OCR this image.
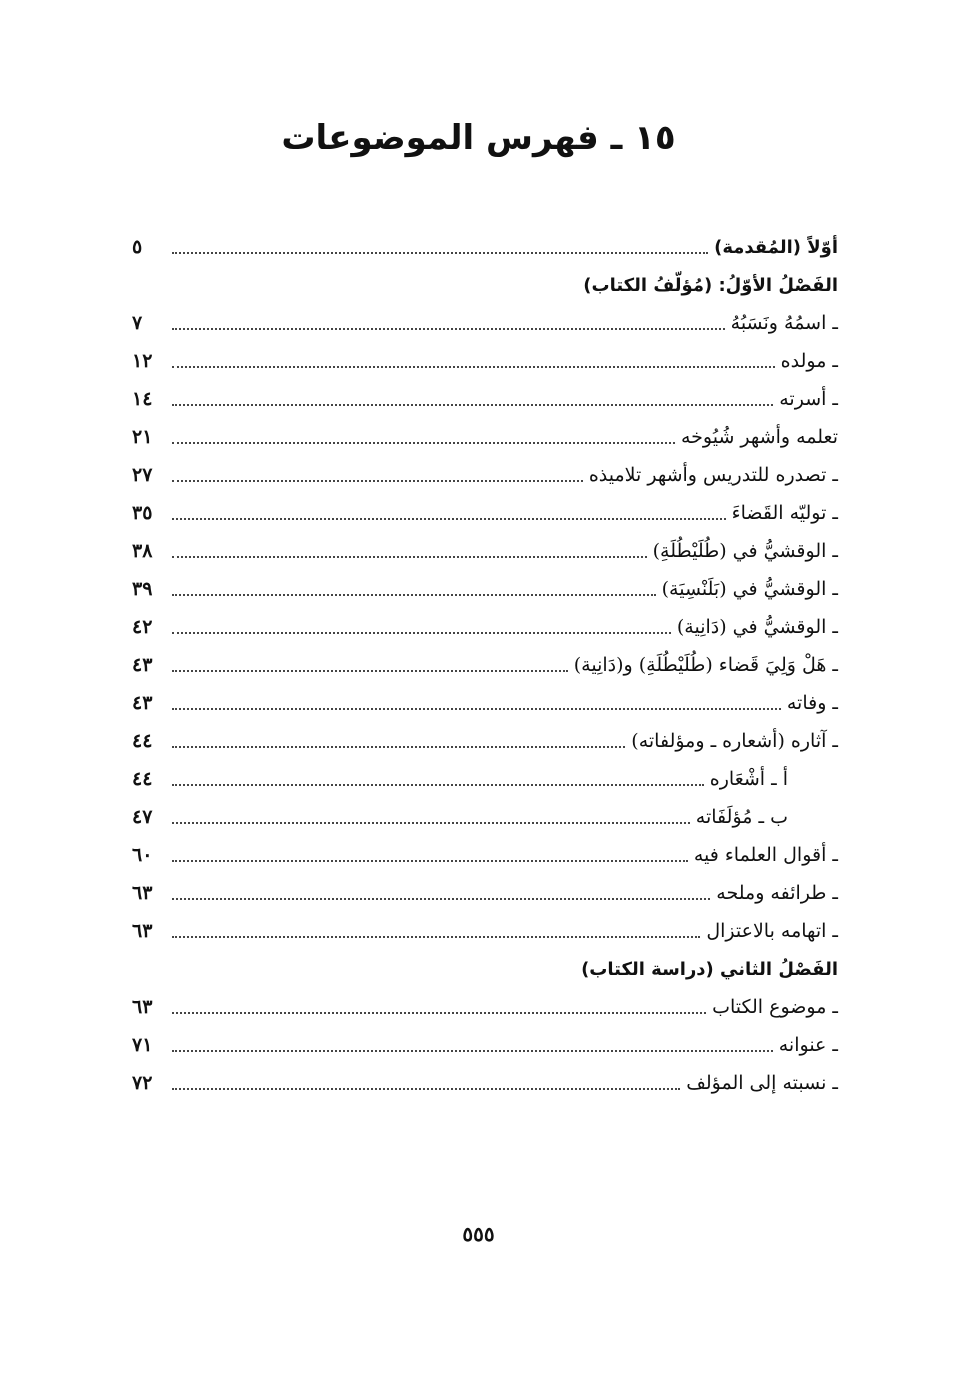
١٥ ـ فهرس الموضوعات
أوّلاً (المُقدمة)
٥
الفَصْلُ الأوّلُ: (مُؤلّفُ الكتاب)
ـ اسمُهُ ونَسَبُهُ
٧
ـ مولده
١٢
ـ أسرته
١٤
تعلمه وأشهر شُيُوخه
٢١
ـ تصدره للتدريس وأشهر تلاميذه
٢٧
ـ توليّه القَضاءَ
٣٥
ـ الوقشيُّ في (طُلَيْطُلَةِ)
٣٨
ـ الوقشيُّ في (بَلَنْسِيَة)
٣٩
ـ الوقشيُّ في (دَانِية)
٤٢
ـ هَلْ وَلِيَ قَضاء (طُلَيْطُلَةِ) و(دَانِية)
٤٣
ـ وفاته
٤٣
ـ آثاره (أشعاره ـ ومؤلفاته)
٤٤
أ ـ أشْعَاره
٤٤
ب ـ مُؤلَفَاته
٤٧
ـ أقوال العلماء فيه
٦٠
ـ طرائفه وملحه
٦٣
ـ اتهامه بالاعتزال
٦٣
الفَصْلُ الثاني (دراسة الكتاب)
ـ موضوع الكتاب
٦٣
ـ عنوانه
٧١
ـ نسبته إلى المؤلف
٧٢
٥٥٥
